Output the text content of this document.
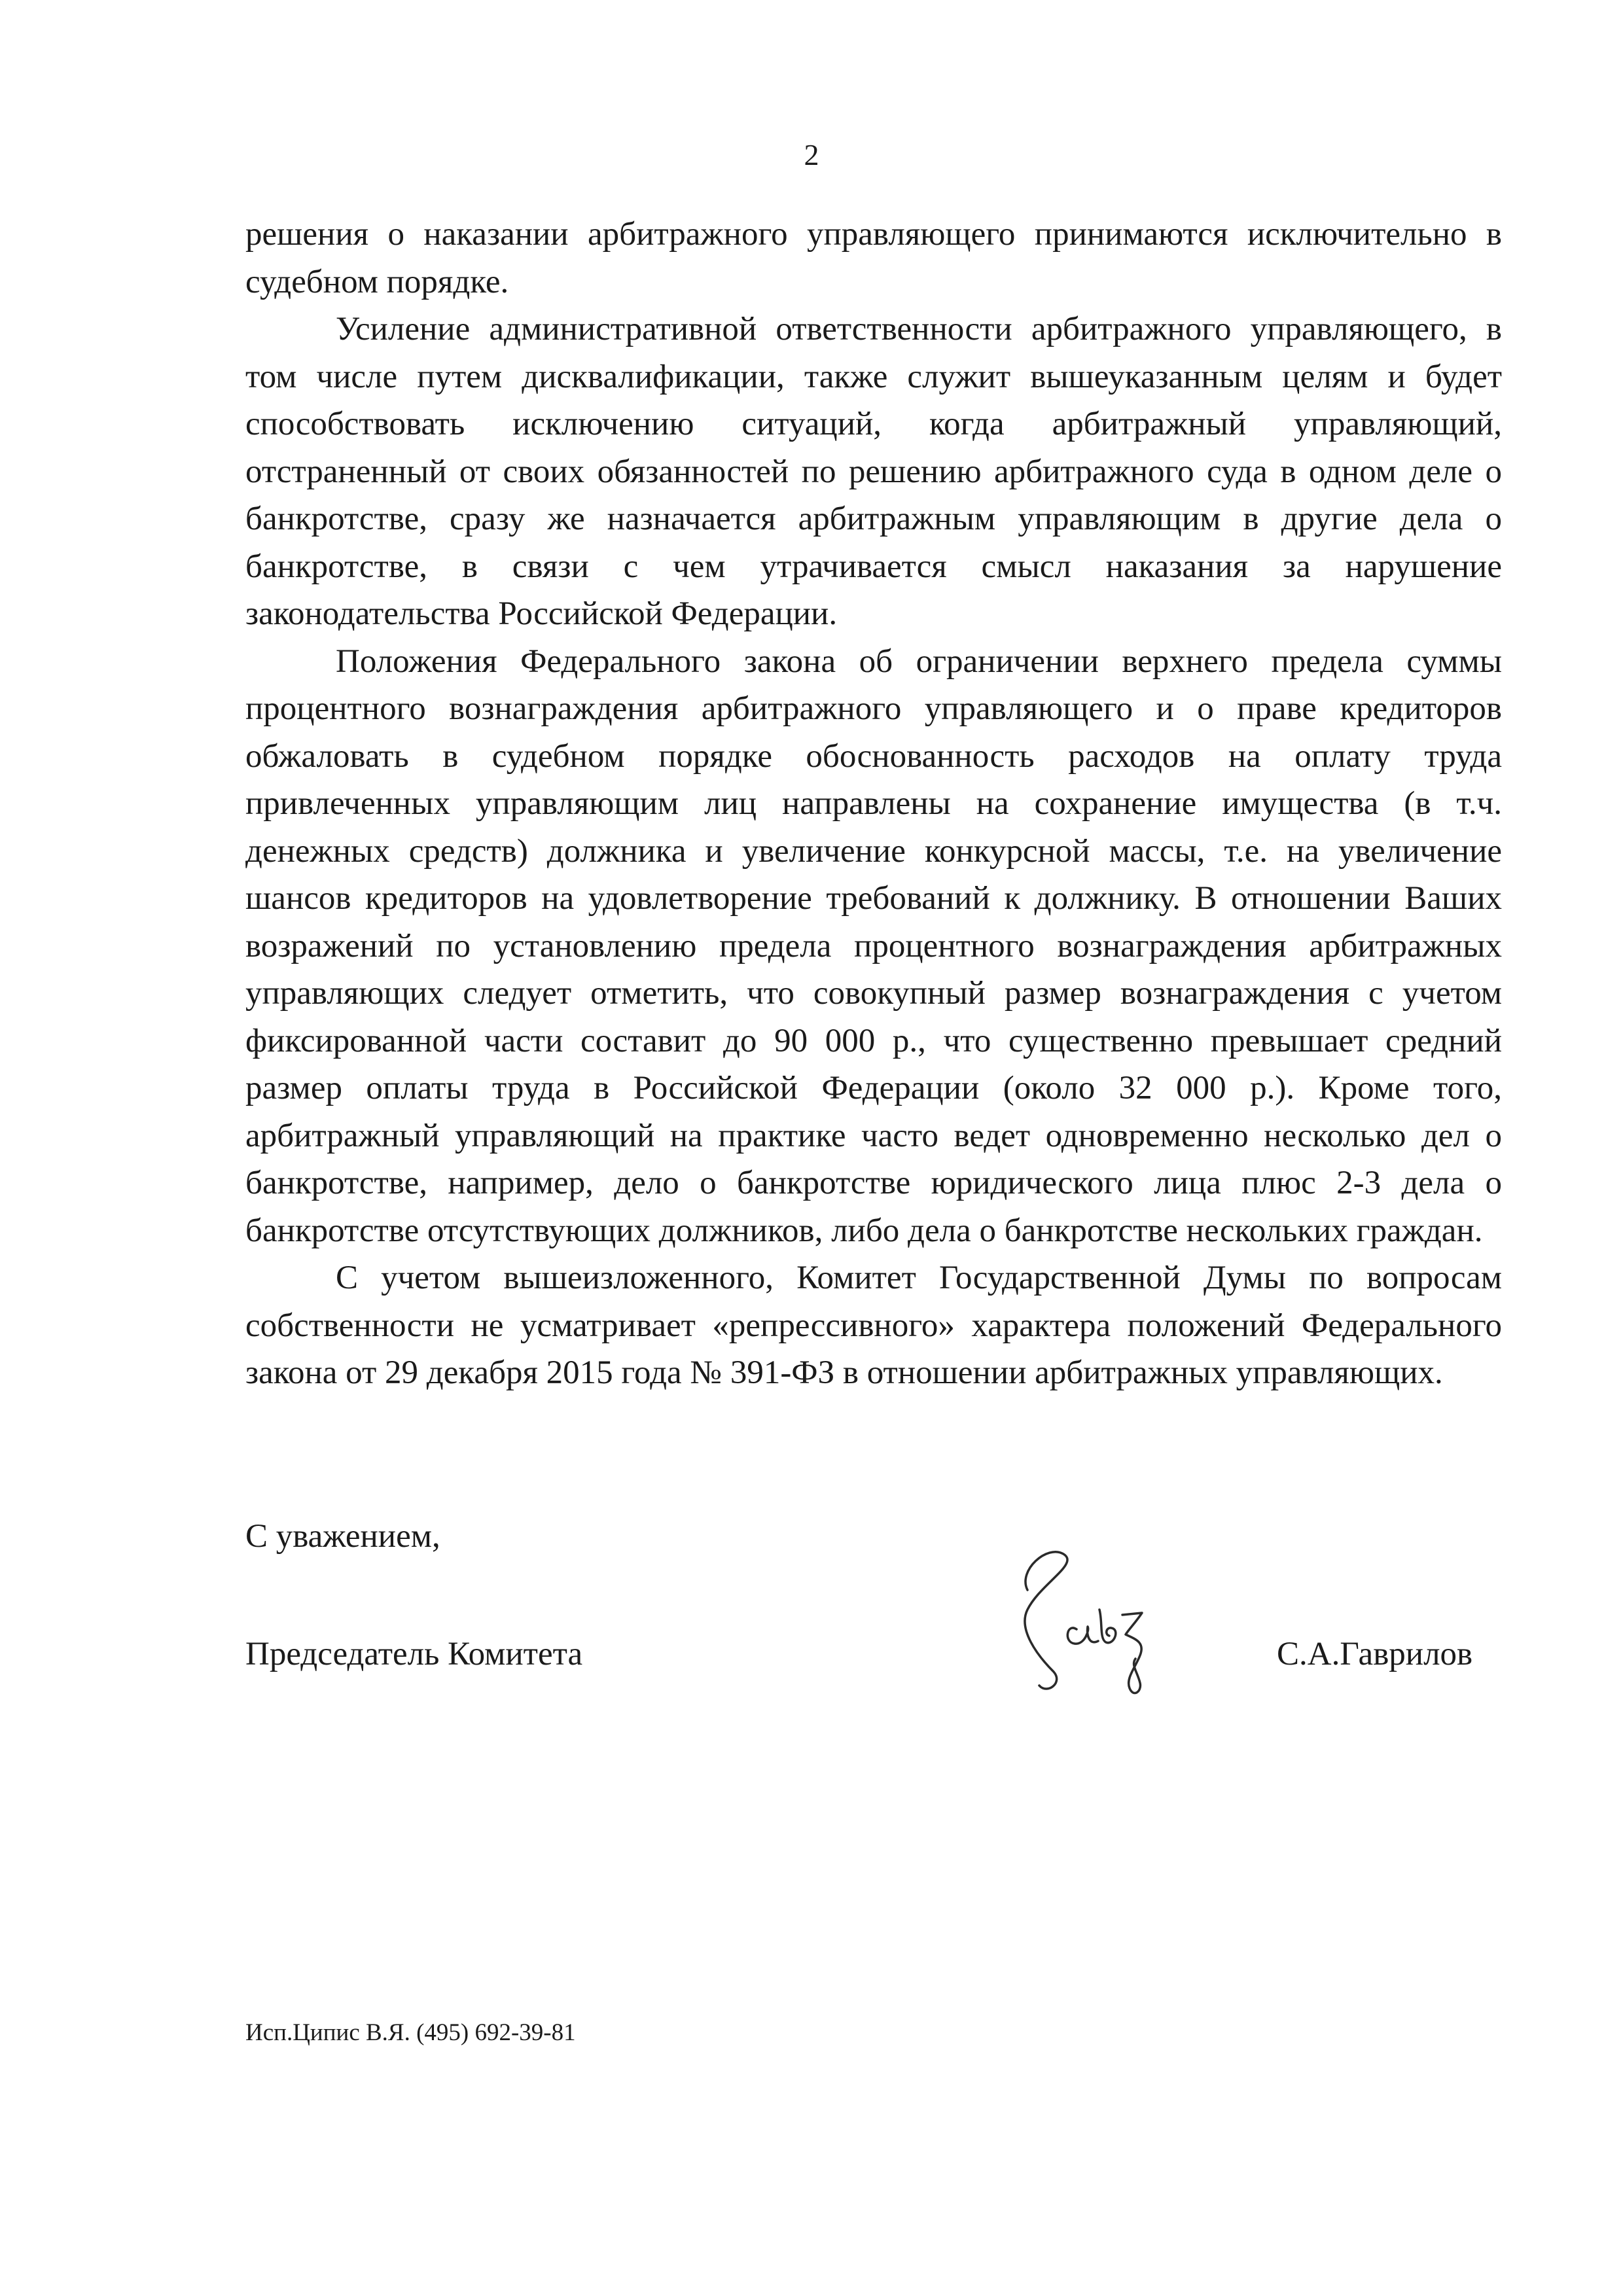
2

решения о наказании арбитражного управляющего принимаются исключительно в судебном порядке.

Усиление административной ответственности арбитражного управляющего, в том числе путем дисквалификации, также служит вышеуказанным целям и будет способствовать исключению ситуаций, когда арбитражный управляющий, отстраненный от своих обязанностей по решению арбитражного суда в одном деле о банкротстве, сразу же назначается арбитражным управляющим в другие дела о банкротстве, в связи с чем утрачивается смысл наказания за нарушение законодательства Российской Федерации.

Положения Федерального закона об ограничении верхнего предела суммы процентного вознаграждения арбитражного управляющего и о праве кредиторов обжаловать в судебном порядке обоснованность расходов на оплату труда привлеченных управляющим лиц направлены на сохранение имущества (в т.ч. денежных средств) должника и увеличение конкурсной массы, т.е. на увеличение шансов кредиторов на удовлетворение требований к должнику. В отношении Ваших возражений по установлению предела процентного вознаграждения арбитражных управляющих следует отметить, что совокупный размер вознаграждения с учетом фиксированной части составит до 90 000 р., что существенно превышает средний размер оплаты труда в Российской Федерации (около 32 000 р.). Кроме того, арбитражный управляющий на практике часто ведет одновременно несколько дел о банкротстве, например, дело о банкротстве юридического лица плюс 2-3 дела о банкротстве отсутствующих должников, либо дела о банкротстве нескольких граждан.

С учетом вышеизложенного, Комитет Государственной Думы по вопросам собственности не усматривает «репрессивного» характера положений Федерального закона от 29 декабря 2015 года № 391-ФЗ в отношении арбитражных управляющих.

С уважением,
Председатель Комитета	С.А.Гаврилов
Исп.Ципис В.Я. (495) 692-39-81
